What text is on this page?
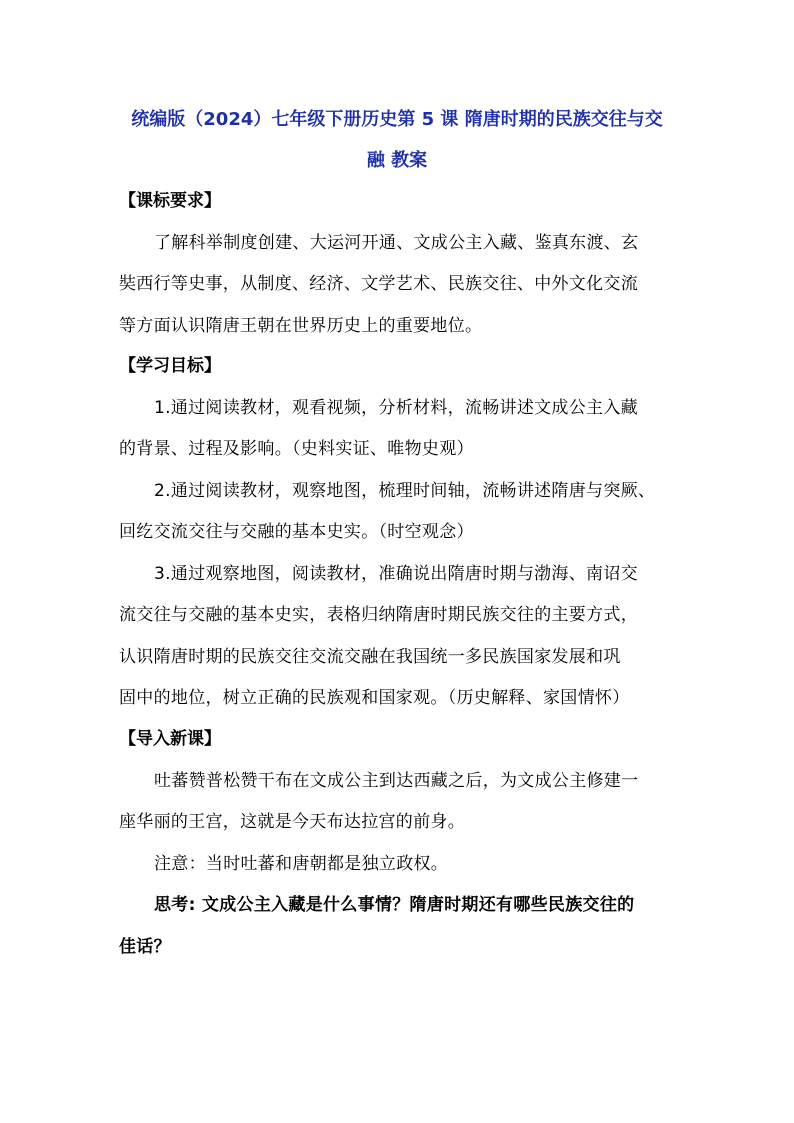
统编版（2024）七年级下册历史第 5 课 隋唐时期的民族交往与交
融 教案
【课标要求】
了解科举制度创建、大运河开通、文成公主入藏、鉴真东渡、玄
奘西行等史事，从制度、经济、文学艺术、民族交往、中外文化交流
等方面认识隋唐王朝在世界历史上的重要地位。
【学习目标】
1.通过阅读教材，观看视频，分析材料，流畅讲述文成公主入藏
的背景、过程及影响。（史料实证、唯物史观）
2.通过阅读教材，观察地图，梳理时间轴，流畅讲述隋唐与突厥、
回纥交流交往与交融的基本史实。（时空观念）
3.通过观察地图，阅读教材，准确说出隋唐时期与渤海、南诏交
流交往与交融的基本史实，表格归纳隋唐时期民族交往的主要方式，
认识隋唐时期的民族交往交流交融在我国统一多民族国家发展和巩
固中的地位，树立正确的民族观和国家观。（历史解释、家国情怀）
【导入新课】
吐蕃赞普松赞干布在文成公主到达西藏之后，为文成公主修建一
座华丽的王宫，这就是今天布达拉宫的前身。
注意：当时吐蕃和唐朝都是独立政权。
思考: 文成公主入藏是什么事情？隋唐时期还有哪些民族交往的
佳话？
